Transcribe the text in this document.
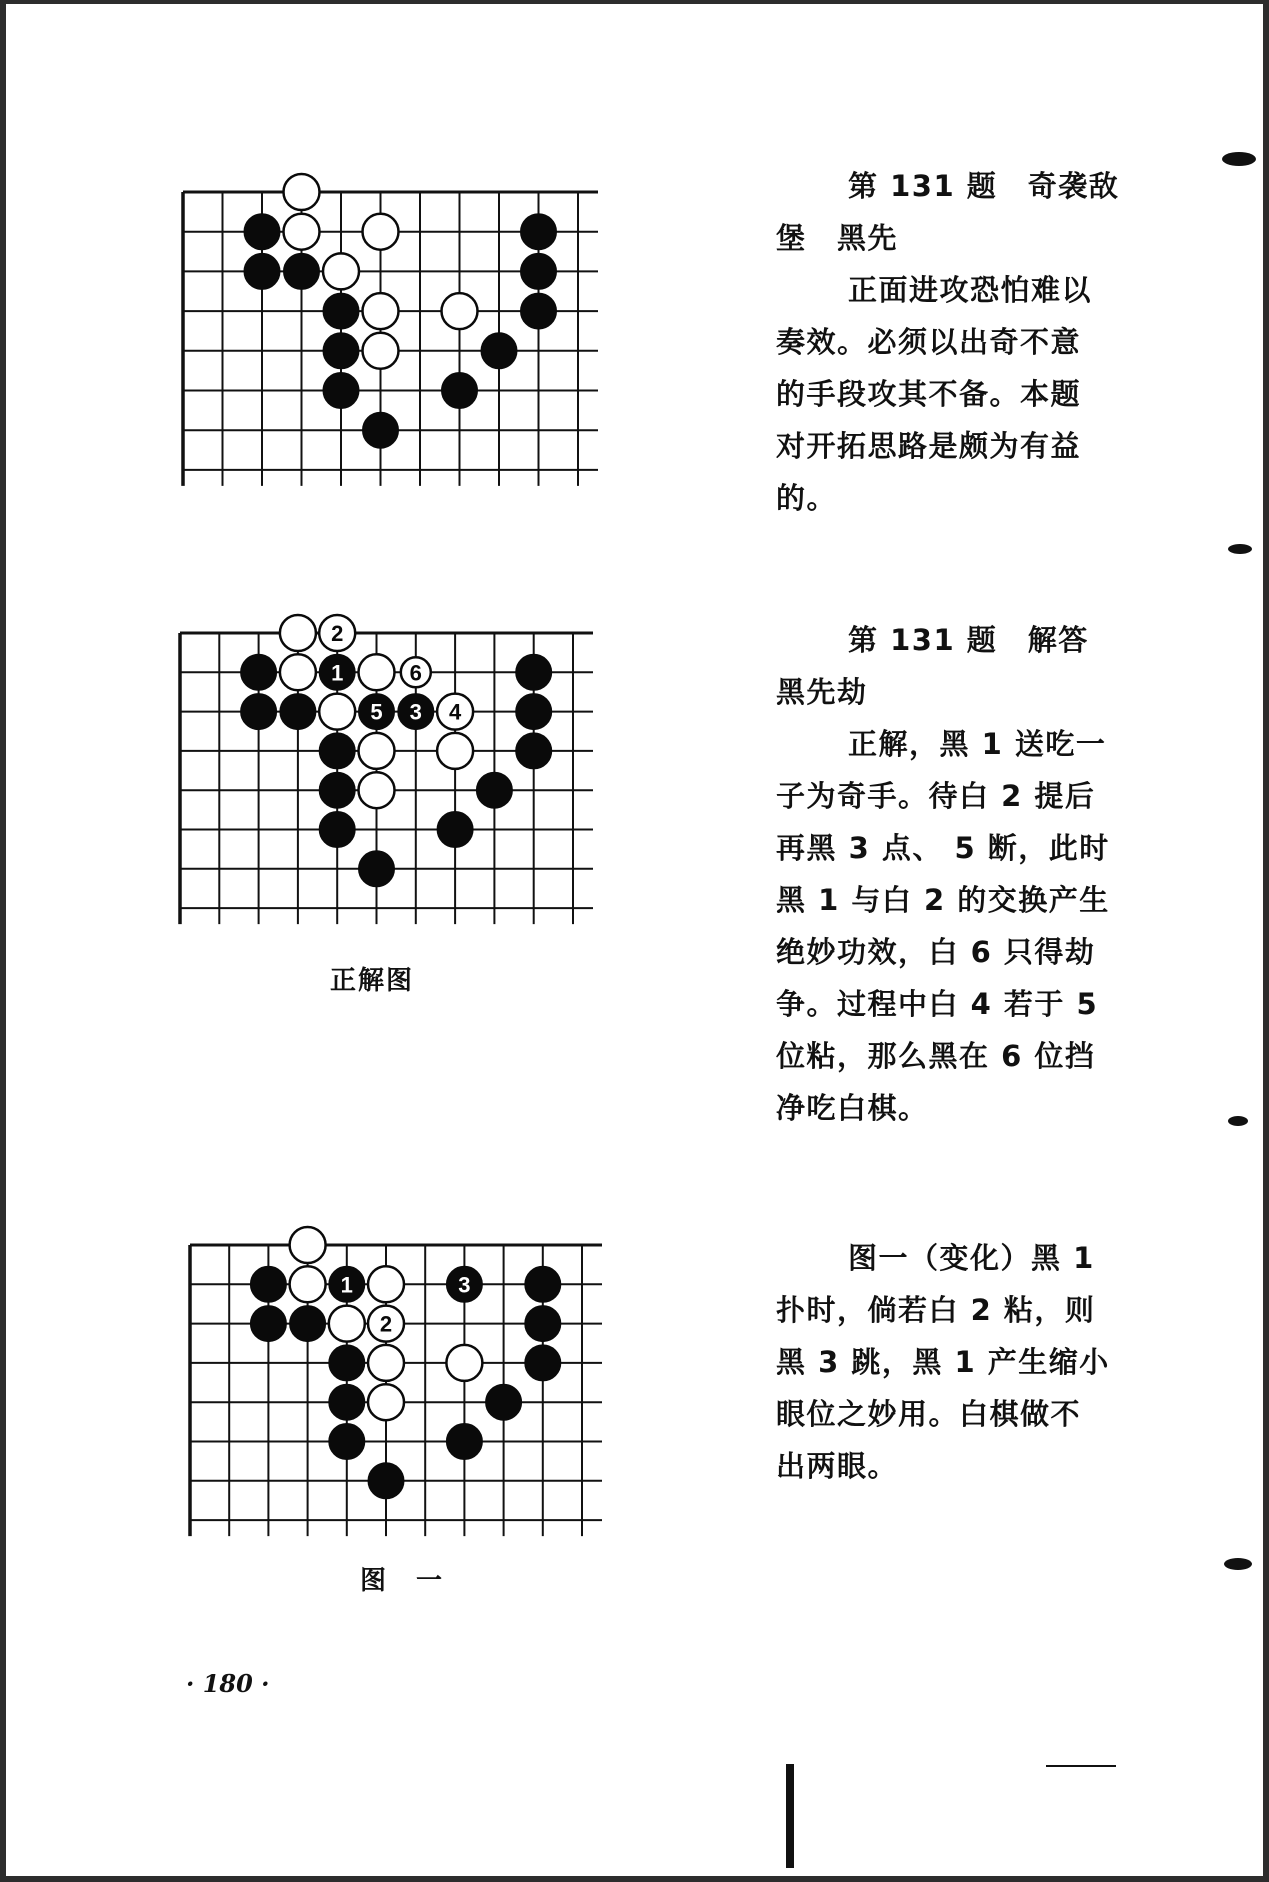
第 131 题　奇袭敌
堡　黑先
正面进攻恐怕难以
奏效。必须以出奇不意
的手段攻其不备。本题
对开拓思路是颇为有益
的。
2
1	6
5 3 4
正解图
第 131 题　解答
黑先劫
正解，黑 1 送吃一
子为奇手。待白 2 提后
再黑 3 点、 5 断，此时
黑 1 与白 2 的交换产生
绝妙功效，白 6 只得劫
争。过程中白 4 若于 5
位粘，那么黑在 6 位挡
净吃白棋。
1	3
2
图　一
图一（变化）黑 1
扑时，倘若白 2 粘，则
黑 3 跳，黑 1 产生缩小
眼位之妙用。白棋做不
出两眼。
· 180 ·
